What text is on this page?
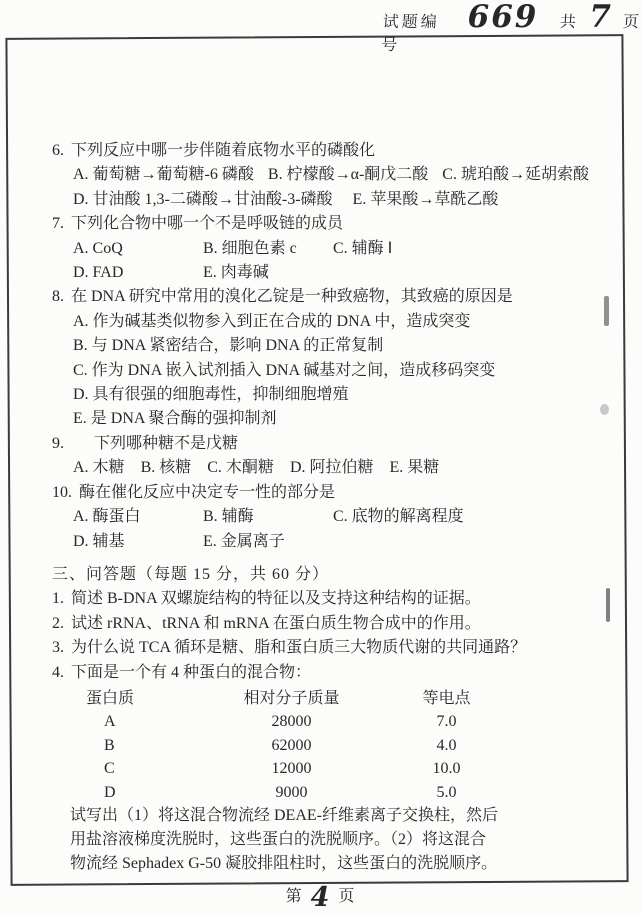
试题编号
669 共 7 页
6. 下列反应中哪一步伴随着底物水平的磷酸化
A. 葡萄糖→葡萄糖-6 磷酸 B. 柠檬酸→α-酮戊二酸 C. 琥珀酸→延胡索酸
D. 甘油酸 1,3-二磷酸→甘油酸-3-磷酸 E. 苹果酸→草酰乙酸
7. 下列化合物中哪一个不是呼吸链的成员
A. CoQ	B. 细胞色素 c	C. 辅酶 Ⅰ
D. FAD	E. 肉毒碱
8. 在 DNA 研究中常用的溴化乙锭是一种致癌物，其致癌的原因是
A. 作为碱基类似物参入到正在合成的 DNA 中，造成突变
B. 与 DNA 紧密结合，影响 DNA 的正常复制
C. 作为 DNA 嵌入试剂插入 DNA 碱基对之间，造成移码突变
D. 具有很强的细胞毒性，抑制细胞增殖
E. 是 DNA 聚合酶的强抑制剂
9. 下列哪种糖不是戊糖
A. 木糖 B. 核糖 C. 木酮糖 D. 阿拉伯糖 E. 果糖
10. 酶在催化反应中决定专一性的部分是
A. 酶蛋白	B. 辅酶	C. 底物的解离程度
D. 辅基	E. 金属离子
三、问答题（每题 15 分，共 60 分）
1. 简述 B-DNA 双螺旋结构的特征以及支持这种结构的证据。
2. 试述 rRNA、tRNA 和 mRNA 在蛋白质生物合成中的作用。
3. 为什么说 TCA 循环是糖、脂和蛋白质三大物质代谢的共同通路？
4. 下面是一个有 4 种蛋白的混合物：
蛋白质	相对分子质量	等电点
A	28000	7.0
B	62000	4.0
C	12000	10.0
D	9000	5.0
试写出（1）将这混合物流经 DEAE-纤维素离子交换柱，然后
用盐溶液梯度洗脱时，这些蛋白的洗脱顺序。（2）将这混合
物流经 Sephadex G-50 凝胶排阻柱时，这些蛋白的洗脱顺序。
第 4 页
